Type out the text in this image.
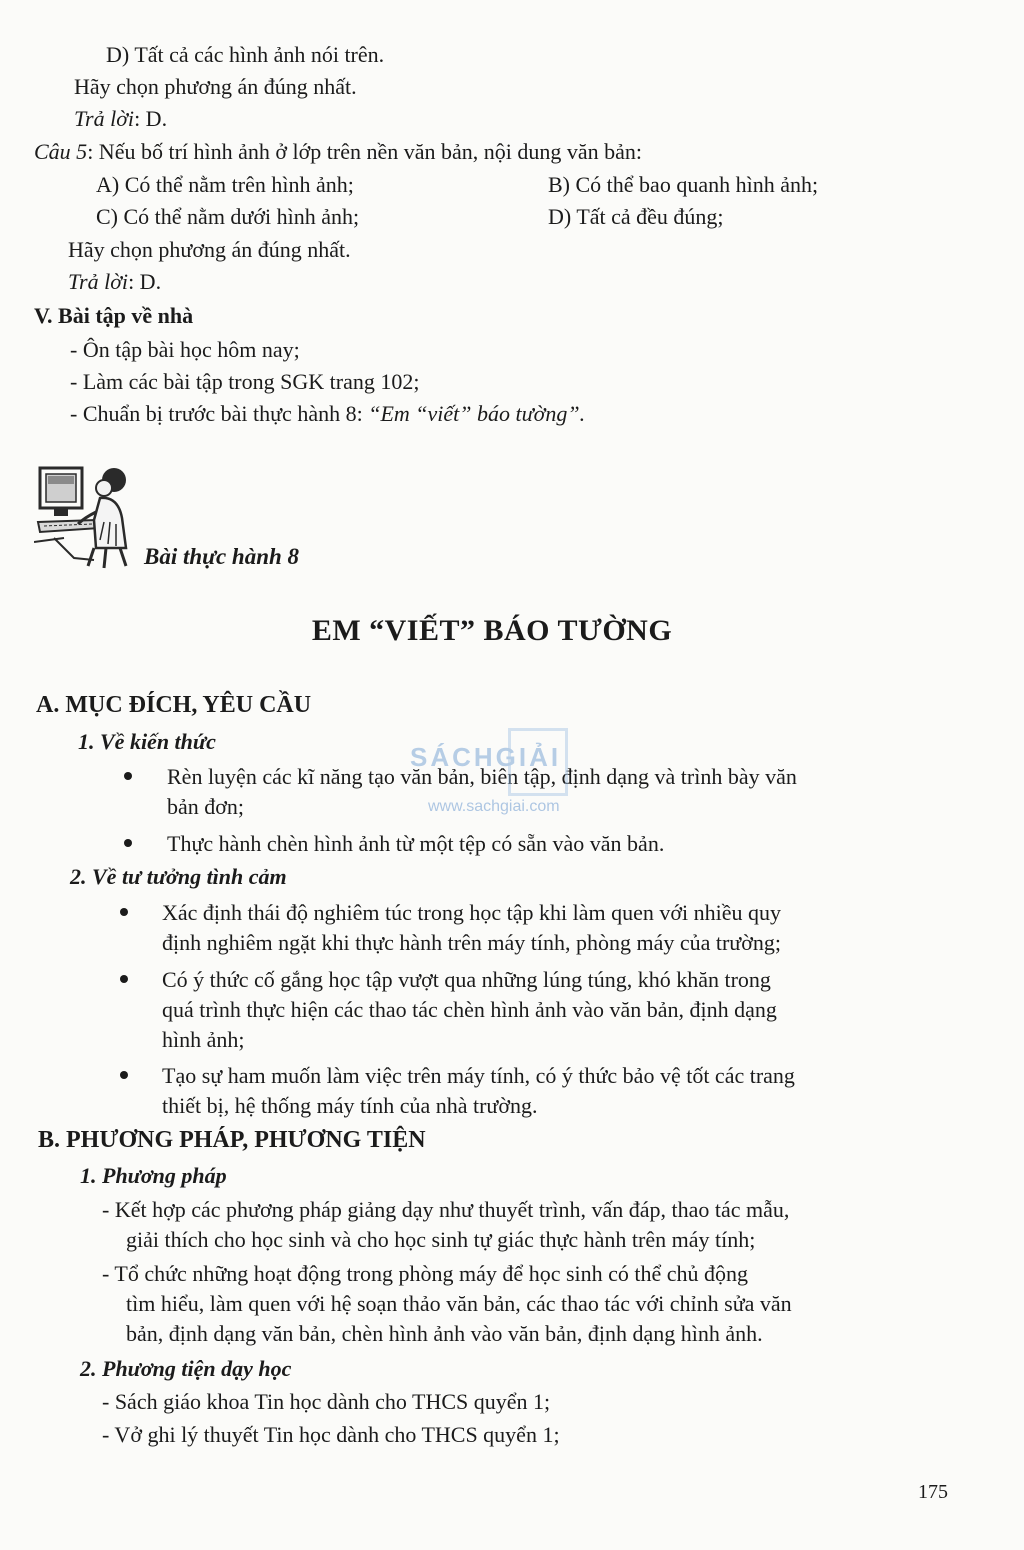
D) Tất cả các hình ảnh nói trên.
Hãy chọn phương án đúng nhất.
Trả lời: D.
Câu 5: Nếu bố trí hình ảnh ở lớp trên nền văn bản, nội dung văn bản:
A) Có thể nằm trên hình ảnh;	B) Có thể bao quanh hình ảnh;
C) Có thể nằm dưới hình ảnh;	D) Tất cả đều đúng;
Hãy chọn phương án đúng nhất.
Trả lời: D.
V. Bài tập về nhà
- Ôn tập bài học hôm nay;
- Làm các bài tập trong SGK trang 102;
- Chuẩn bị trước bài thực hành 8: “Em “viết” báo tường”.
Bài thực hành 8
EM “VIẾT” BÁO TƯỜNG
A. MỤC ĐÍCH, YÊU CẦU
1. Về kiến thức
Rèn luyện các kĩ năng tạo văn bản, biên tập, định dạng và trình bày văn
bản đơn;
Thực hành chèn hình ảnh từ một tệp có sẵn vào văn bản.
2. Về tư tưởng tình cảm
Xác định thái độ nghiêm túc trong học tập khi làm quen với nhiều quy
định nghiêm ngặt khi thực hành trên máy tính, phòng máy của trường;
Có ý thức cố gắng học tập vượt qua những lúng túng, khó khăn trong
quá trình thực hiện các thao tác chèn hình ảnh vào văn bản, định dạng
hình ảnh;
Tạo sự ham muốn làm việc trên máy tính, có ý thức bảo vệ tốt các trang
thiết bị, hệ thống máy tính của nhà trường.
SÁCHGIẢI
www.sachgiai.com
B. PHƯƠNG PHÁP, PHƯƠNG TIỆN
1. Phương pháp
- Kết hợp các phương pháp giảng dạy như thuyết trình, vấn đáp, thao tác mẫu,
giải thích cho học sinh và cho học sinh tự giác thực hành trên máy tính;
- Tổ chức những hoạt động trong phòng máy để học sinh có thể chủ động
tìm hiểu, làm quen với hệ soạn thảo văn bản, các thao tác với chỉnh sửa văn
bản, định dạng văn bản, chèn hình ảnh vào văn bản, định dạng hình ảnh.
2. Phương tiện dạy học
- Sách giáo khoa Tin học dành cho THCS quyển 1;
- Vở ghi lý thuyết Tin học dành cho THCS quyển 1;
175
